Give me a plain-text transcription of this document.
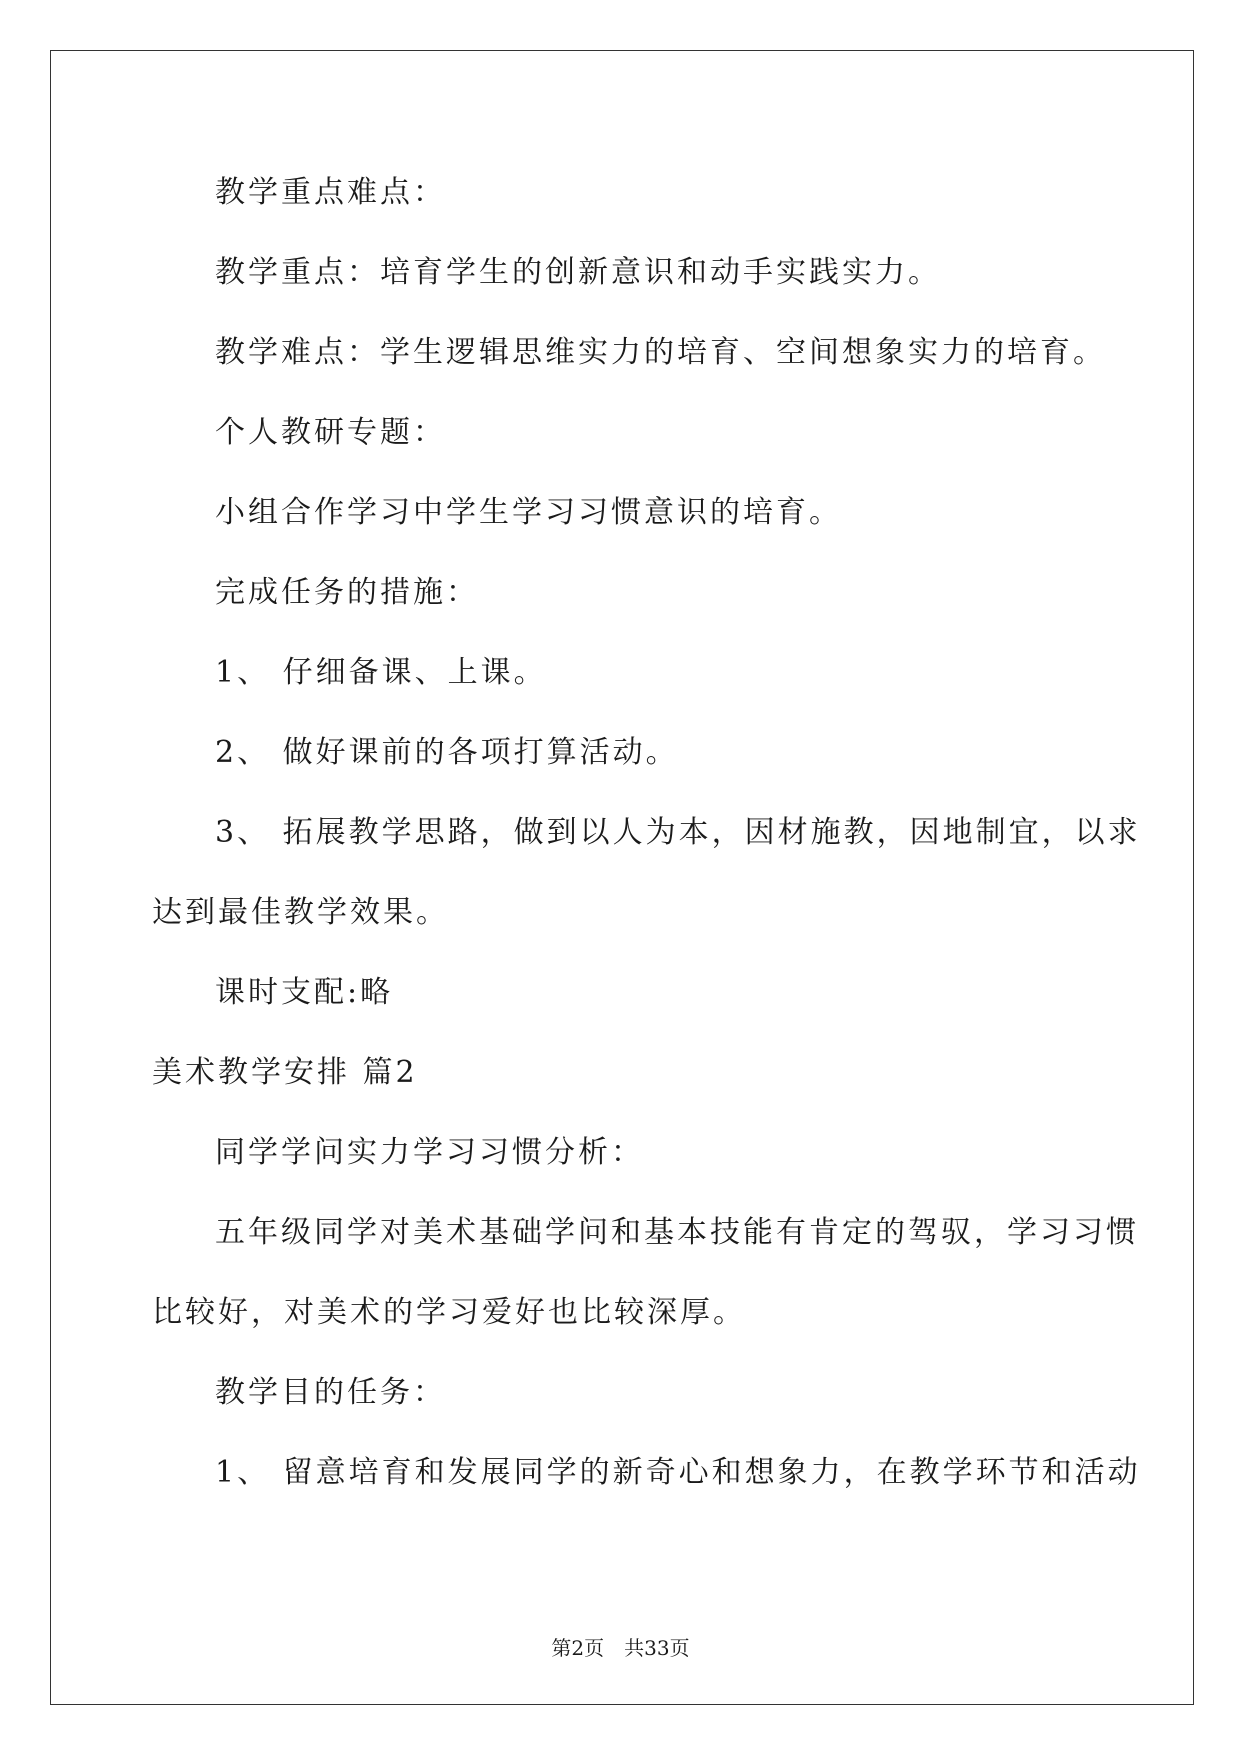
教学重点难点：
教学重点：培育学生的创新意识和动手实践实力。
教学难点：学生逻辑思维实力的培育、空间想象实力的培育。
个人教研专题：
小组合作学习中学生学习习惯意识的培育。
完成任务的措施：
1、 仔细备课、上课。
2、 做好课前的各项打算活动。
3、 拓展教学思路，做到以人为本，因材施教，因地制宜，以求
达到最佳教学效果。
课时支配:略
美术教学安排 篇2
同学学问实力学习习惯分析：
五年级同学对美术基础学问和基本技能有肯定的驾驭，学习习惯
比较好，对美术的学习爱好也比较深厚。
教学目的任务：
1、 留意培育和发展同学的新奇心和想象力，在教学环节和活动
第2页　共33页
